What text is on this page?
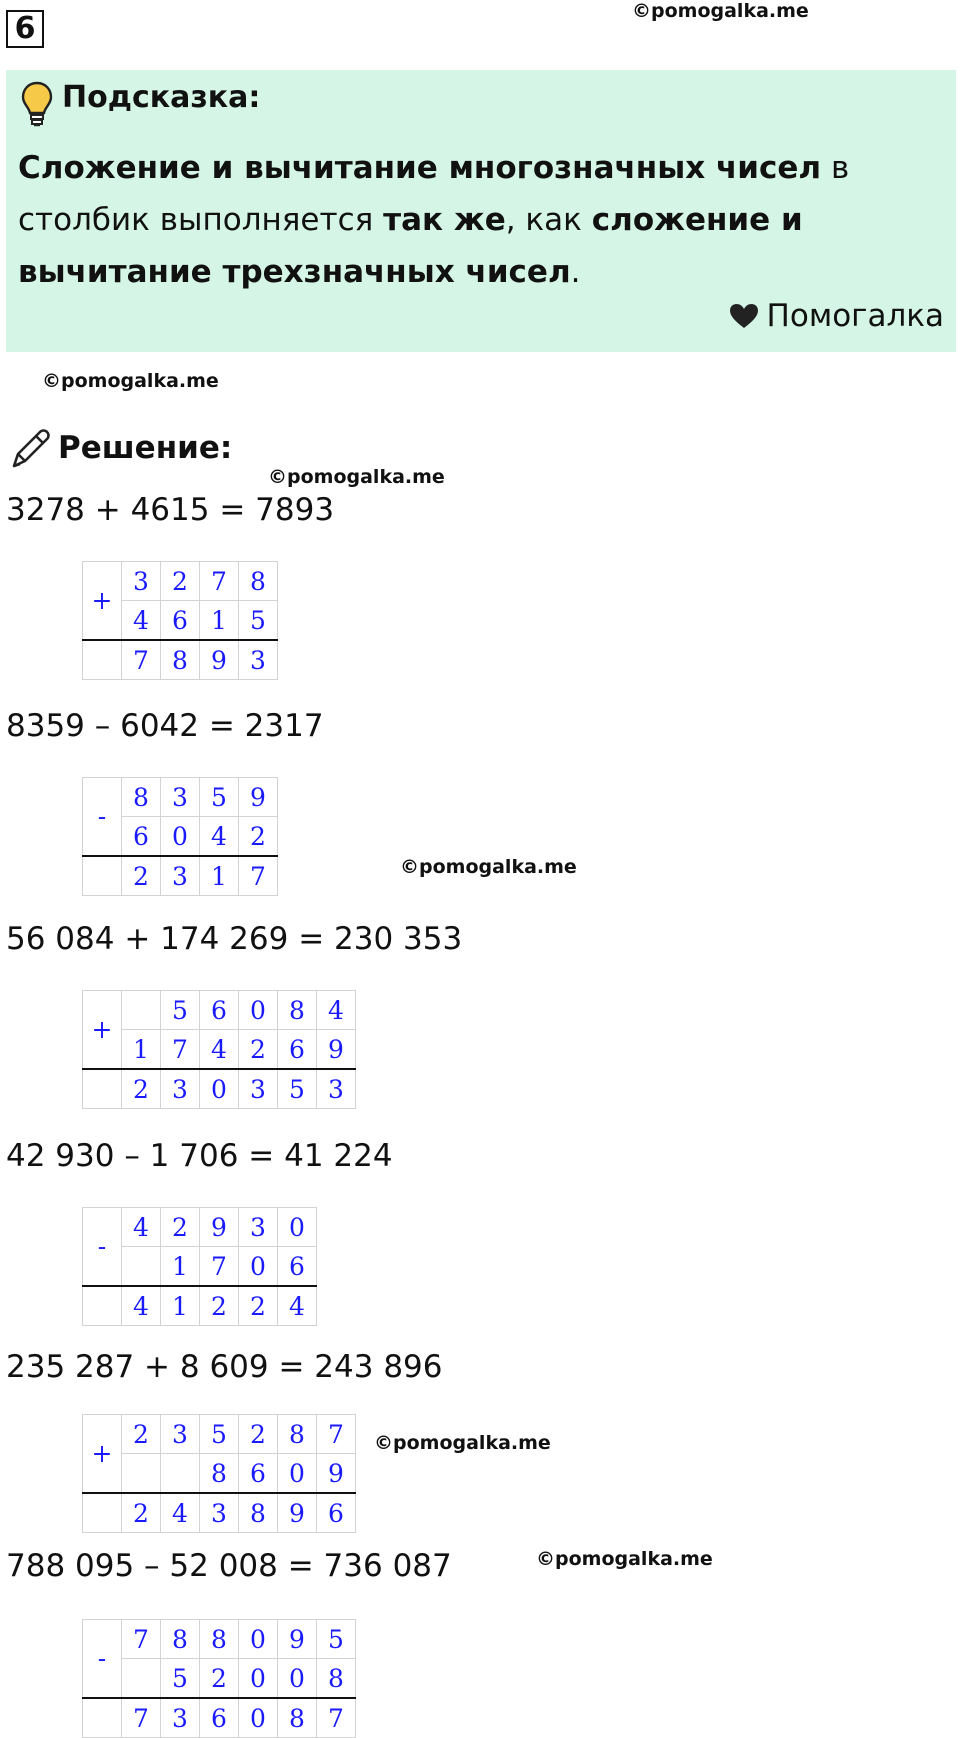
6	©pomogalka.me
Подсказка:
Сложение и вычитание многозначных чисел в столбик выполняется так же, как сложение и вычитание трехзначных чисел.
Помогалка
©pomogalka.me
Решение:
©pomogalka.me
3278 + 4615 = 7893
+	3	2	7	8
	4	6	1	5
	7	8	9	3
8359 – 6042 = 2317
-	8	3	5	9
	6	0	4	2
	2	3	1	7	©pomogalka.me
56 084 + 174 269 = 230 353
+		5	6	0	8	4
	1	7	4	2	6	9
	2	3	0	3	5	3
42 930 – 1 706 = 41 224
-	4	2	9	3	0
		1	7	0	6
	4	1	2	2	4
235 287 + 8 609 = 243 896
+	2	3	5	2	8	7
			8	6	0	9
	2	4	3	8	9	6
©pomogalka.me
788 095 – 52 008 = 736 087	©pomogalka.me
-	7	8	8	0	9	5
		5	2	0	0	8
	7	3	6	0	8	7
